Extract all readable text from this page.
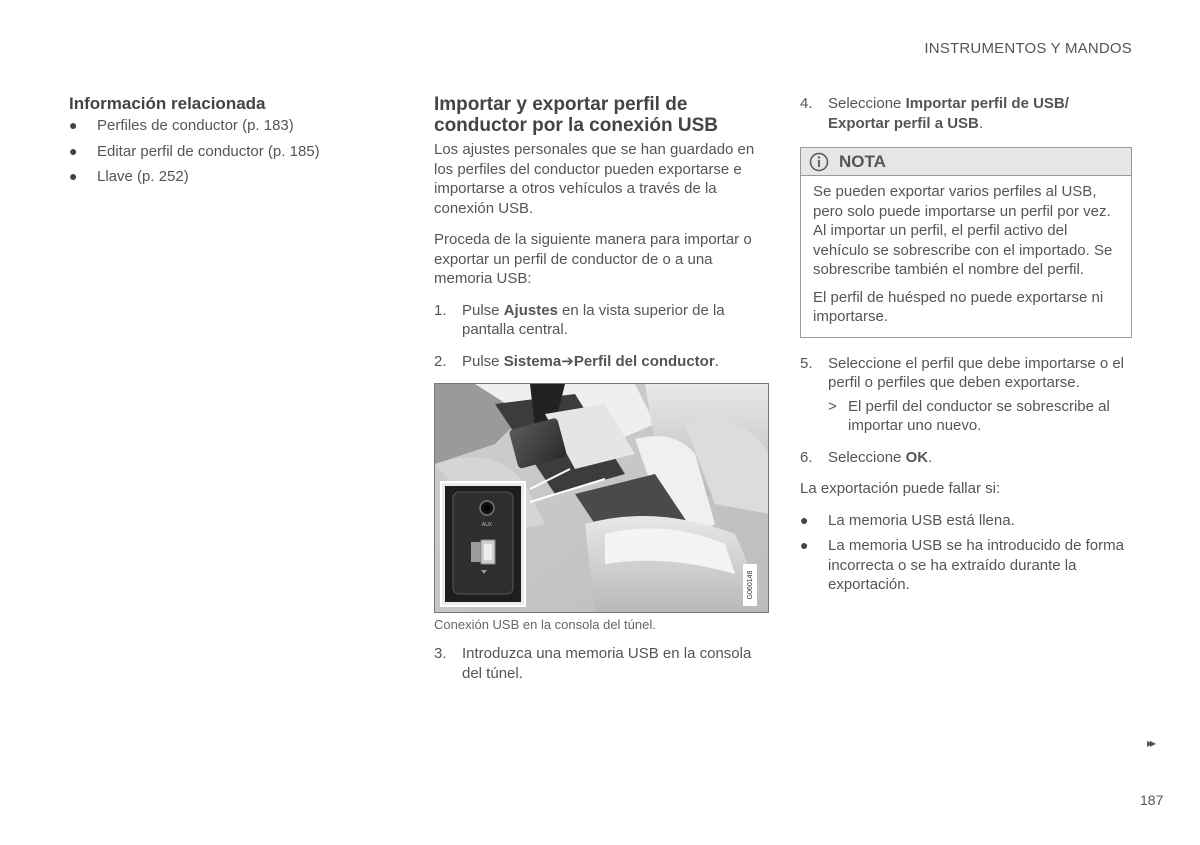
INSTRUMENTOS Y MANDOS
Información relacionada
● Perfiles de conductor (p. 183)
● Editar perfil de conductor (p. 185)
● Llave (p. 252)
Importar y exportar perfil de conductor por la conexión USB

Los ajustes personales que se han guardado en los perfiles del conductor pueden exportarse e importarse a otros vehículos a través de la conexión USB.

Proceda de la siguiente manera para importar o exportar un perfil de conductor de o a una memoria USB:

1. Pulse Ajustes en la vista superior de la pantalla central.
2. Pulse Sistema➔Perfil del conductor.
AUX
G060148
Conexión USB en la consola del túnel.
3. Introduzca una memoria USB en la consola del túnel.
4. Seleccione Importar perfil de USB/ Exportar perfil a USB.
NOTA

Se pueden exportar varios perfiles al USB, pero solo puede importarse un perfil por vez. Al importar un perfil, el perfil activo del vehículo se sobrescribe con el importado. Se sobrescribe también el nombre del perfil.

El perfil de huésped no puede exportarse ni importarse.

5. Seleccione el perfil que debe importarse o el perfil o perfiles que deben exportarse.
> El perfil del conductor se sobrescribe al importar uno nuevo.
6. Seleccione OK.

La exportación puede fallar si:

● La memoria USB está llena.
● La memoria USB se ha introducido de forma incorrecta o se ha extraído durante la exportación.
▸▸
187
